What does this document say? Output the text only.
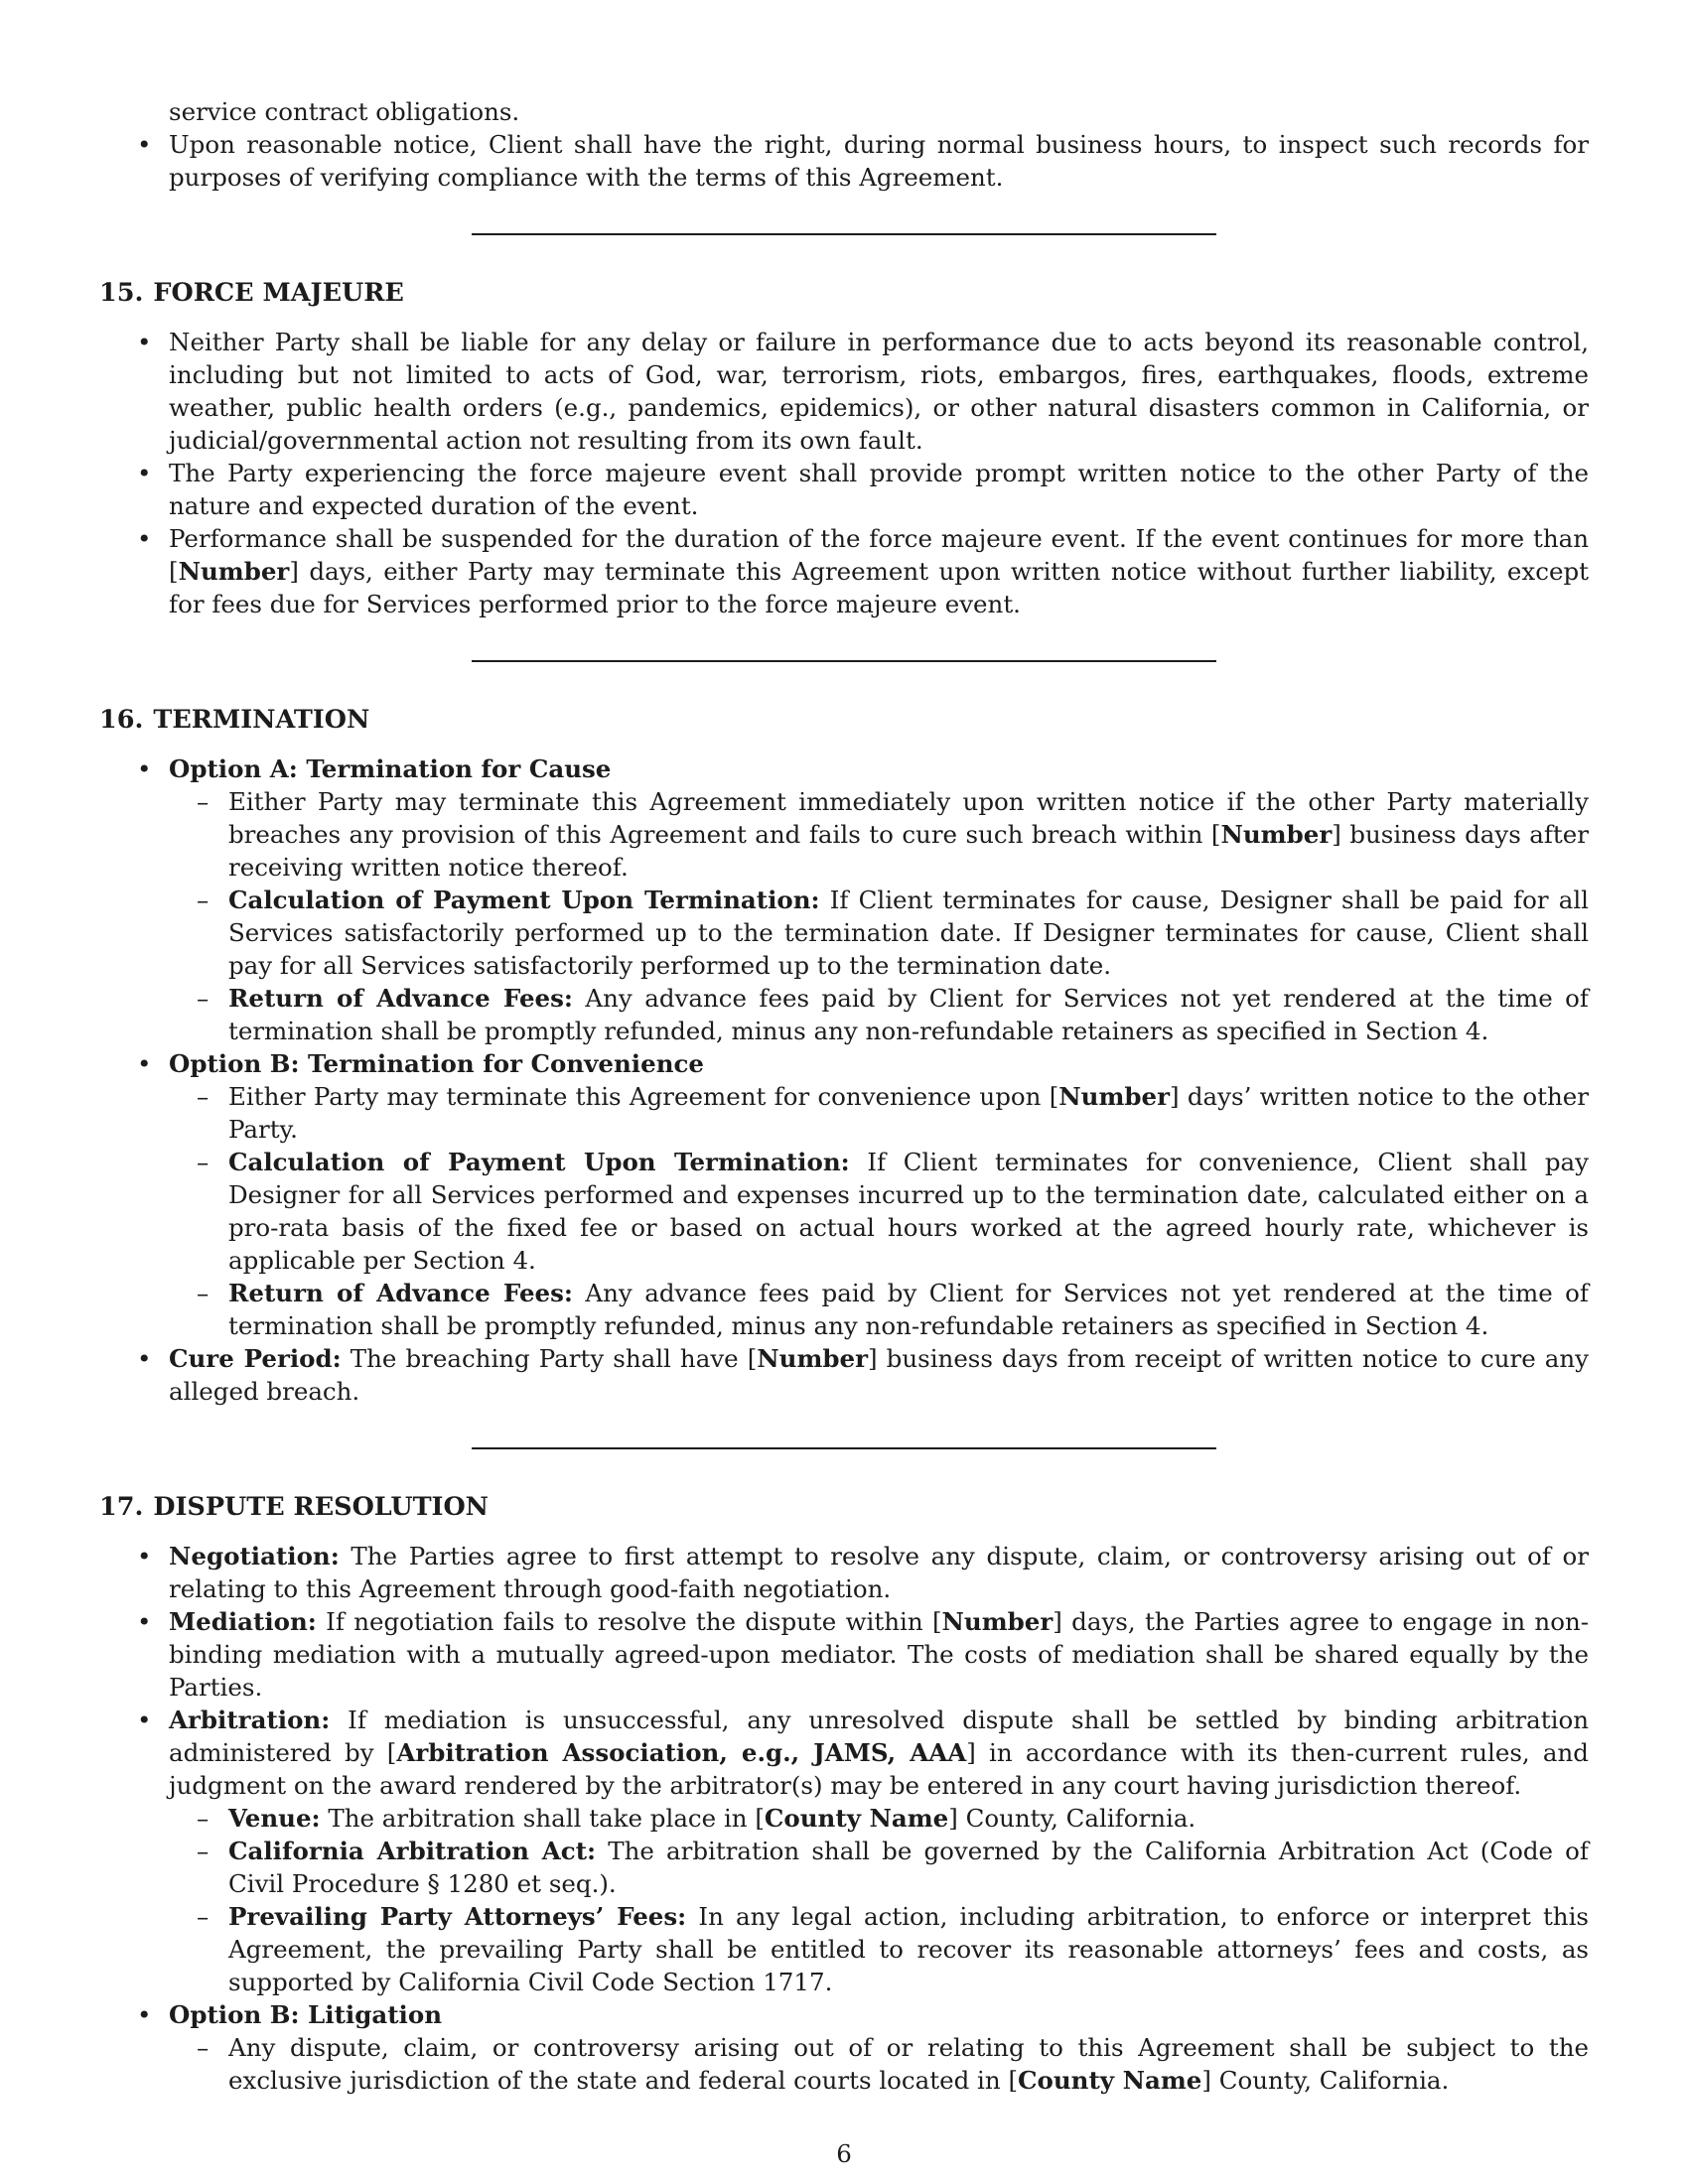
service contract obligations.
• Upon reasonable notice, Client shall have the right, during normal business hours, to inspect such records for purposes of verifying compliance with the terms of this Agreement.
15. FORCE MAJEURE
• Neither Party shall be liable for any delay or failure in performance due to acts beyond its reasonable control, including but not limited to acts of God, war, terrorism, riots, embargos, fires, earthquakes, floods, extreme weather, public health orders (e.g., pandemics, epidemics), or other natural disasters common in California, or judicial/governmental action not resulting from its own fault.
• The Party experiencing the force majeure event shall provide prompt written notice to the other Party of the nature and expected duration of the event.
• Performance shall be suspended for the duration of the force majeure event. If the event continues for more than [Number] days, either Party may terminate this Agreement upon written notice without further liability, except for fees due for Services performed prior to the force majeure event.
16. TERMINATION
• Option A: Termination for Cause
– Either Party may terminate this Agreement immediately upon written notice if the other Party materially breaches any provision of this Agreement and fails to cure such breach within [Number] business days after receiving written notice thereof.
– Calculation of Payment Upon Termination: If Client terminates for cause, Designer shall be paid for all Services satisfactorily performed up to the termination date. If Designer terminates for cause, Client shall pay for all Services satisfactorily performed up to the termination date.
– Return of Advance Fees: Any advance fees paid by Client for Services not yet rendered at the time of termination shall be promptly refunded, minus any non-refundable retainers as specified in Section 4.
• Option B: Termination for Convenience
– Either Party may terminate this Agreement for convenience upon [Number] days’ written notice to the other Party.
– Calculation of Payment Upon Termination: If Client terminates for convenience, Client shall pay Designer for all Services performed and expenses incurred up to the termination date, calculated either on a pro-rata basis of the fixed fee or based on actual hours worked at the agreed hourly rate, whichever is applicable per Section 4.
– Return of Advance Fees: Any advance fees paid by Client for Services not yet rendered at the time of termination shall be promptly refunded, minus any non-refundable retainers as specified in Section 4.
• Cure Period: The breaching Party shall have [Number] business days from receipt of written notice to cure any alleged breach.
17. DISPUTE RESOLUTION
• Negotiation: The Parties agree to first attempt to resolve any dispute, claim, or controversy arising out of or relating to this Agreement through good-faith negotiation.
• Mediation: If negotiation fails to resolve the dispute within [Number] days, the Parties agree to engage in non-binding mediation with a mutually agreed-upon mediator. The costs of mediation shall be shared equally by the Parties.
• Arbitration: If mediation is unsuccessful, any unresolved dispute shall be settled by binding arbitration administered by [Arbitration Association, e.g., JAMS, AAA] in accordance with its then-current rules, and judgment on the award rendered by the arbitrator(s) may be entered in any court having jurisdiction thereof.
– Venue: The arbitration shall take place in [County Name] County, California.
– California Arbitration Act: The arbitration shall be governed by the California Arbitration Act (Code of Civil Procedure § 1280 et seq.).
– Prevailing Party Attorneys’ Fees: In any legal action, including arbitration, to enforce or interpret this Agreement, the prevailing Party shall be entitled to recover its reasonable attorneys’ fees and costs, as supported by California Civil Code Section 1717.
• Option B: Litigation
– Any dispute, claim, or controversy arising out of or relating to this Agreement shall be subject to the exclusive jurisdiction of the state and federal courts located in [County Name] County, California.
6
